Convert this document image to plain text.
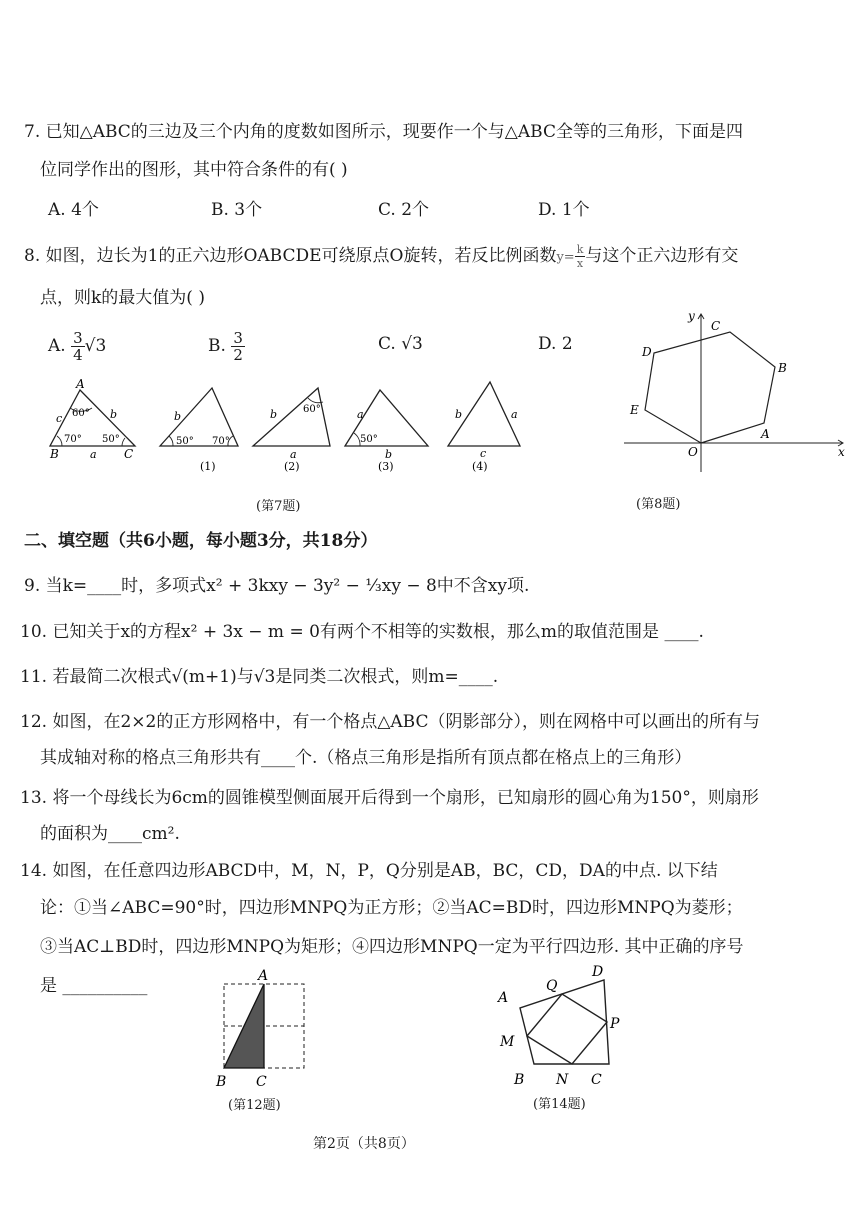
7. 已知△ABC的三边及三个内角的度数如图所示，现要作一个与△ABC全等的三角形，下面是四
位同学作出的图形，其中符合条件的有( )
A. 4个	B. 3个	C. 2个	D. 1个
8. 如图，边长为1的正六边形OABCDE可绕原点O旋转，若反比例函数$y= \frac{k}{x}$ 与这个正六边形有交
点，则k的最大值为( )
A. $\frac{3}{4} √3$	B. $\frac{3}{2}$	C. √3	D. 2
A
B	C
a
b
c 60°
70° 50°
b
50° 70°
(1)
b	60°
a
(2)
a
50°
b
(3)
b	a
c
(4)
(第7题)
x
y
O
A
B
C
D
E
(第8题)
二、填空题（共6小题，每小题3分，共18分）
9. 当k=____时，多项式x² + 3kxy − 3y² − ⅓xy − 8中不含xy项.
10. 已知关于x的方程x² + 3x − m = 0有两个不相等的实数根，那么m的取值范围是 ____.
11. 若最简二次根式√(m+1)与√3是同类二次根式，则m=____.
12. 如图，在2×2的正方形网格中，有一个格点△ABC（阴影部分），则在网格中可以画出的所有与
其成轴对称的格点三角形共有____个.（格点三角形是指所有顶点都在格点上的三角形）
13. 将一个母线长为6cm的圆锥模型侧面展开后得到一个扇形，已知扇形的圆心角为150°，则扇形
的面积为____cm².
14. 如图，在任意四边形ABCD中，M，N，P，Q分别是AB，BC，CD，DA的中点. 以下结
论：①当∠ABC=90°时，四边形MNPQ为正方形；②当AC=BD时，四边形MNPQ为菱形；
③当AC⊥BD时，四边形MNPQ为矩形；④四边形MNPQ一定为平行四边形. 其中正确的序号
是 __________	A
B C
(第12题)
A
B	C
D
M
N
P
Q
(第14题)
第2页（共8页）
